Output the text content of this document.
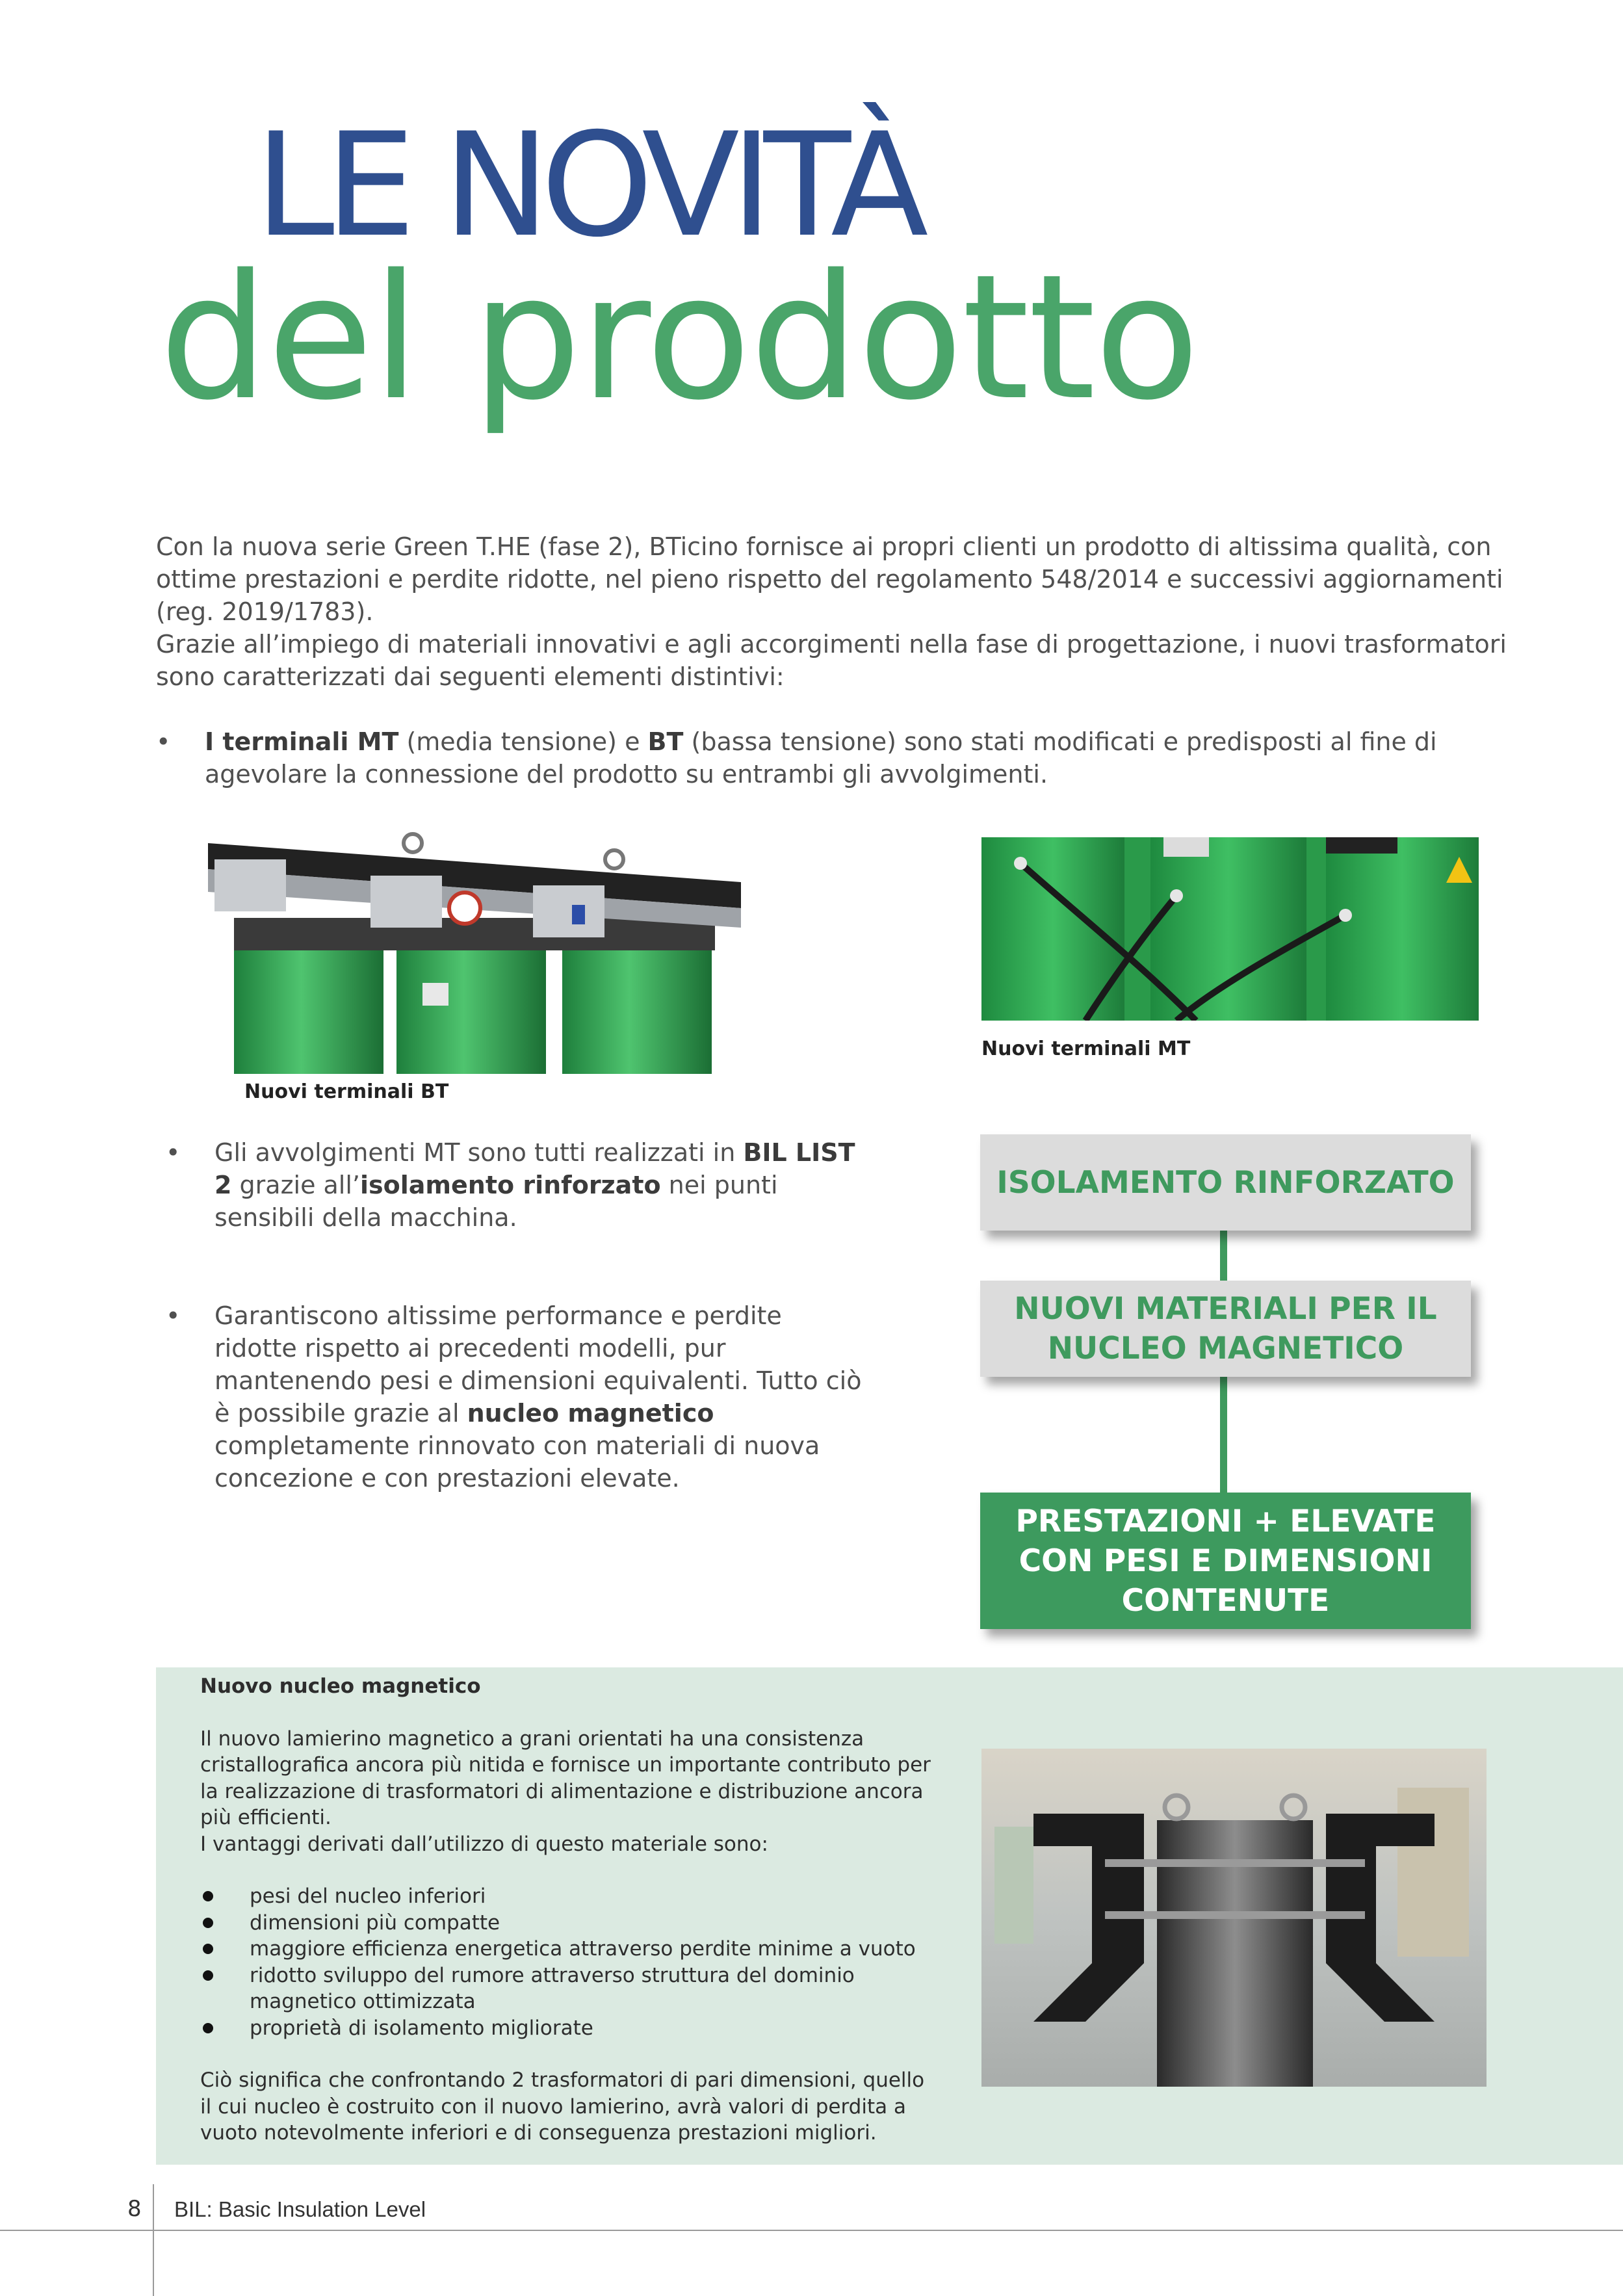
LE NOVITÀ
del prodotto

Con la nuova serie Green T.HE (fase 2), BTicino fornisce ai propri clienti un prodotto di altissima qualità, con ottime prestazioni e perdite ridotte, nel pieno rispetto del regolamento 548/2014 e successivi aggiornamenti (reg. 2019/1783).

Grazie all’impiego di materiali innovativi e agli accorgimenti nella fase di progettazione, i nuovi trasformatori sono caratterizzati dai seguenti elementi distintivi:

•	I terminali MT (media tensione) e BT (bassa tensione) sono stati modificati e predisposti al fine di agevolare la connessione del prodotto su entrambi gli avvolgimenti.
Nuovi terminali BT
Nuovi terminali MT
•	Gli avvolgimenti MT sono tutti realizzati in BIL LIST 2 grazie all’isolamento rinforzato nei punti sensibili della macchina.
•	Garantiscono altissime performance e perdite ridotte rispetto ai precedenti modelli, pur mantenendo pesi e dimensioni equivalenti. Tutto ciò è possibile grazie al nucleo magnetico completamente rinnovato con materiali di nuova concezione e con prestazioni elevate.
ISOLAMENTO RINFORZATO
NUOVI MATERIALI PER IL
NUCLEO MAGNETICO
PRESTAZIONI + ELEVATE
CON PESI E DIMENSIONI
CONTENUTE

Nuovo nucleo magnetico

Il nuovo lamierino magnetico a grani orientati ha una consistenza cristallografica ancora più nitida e fornisce un importante contributo per la realizzazione di trasformatori di alimentazione e distribuzione ancora più efficienti.

I vantaggi derivati dall’utilizzo di questo materiale sono:

pesi del nucleo inferiori
dimensioni più compatte
maggiore efficienza energetica attraverso perdite minime a vuoto
ridotto sviluppo del rumore attraverso struttura del dominio magnetico ottimizzata
proprietà di isolamento migliorate

Ciò significa che confrontando 2 trasformatori di pari dimensioni, quello il cui nucleo è costruito con il nuovo lamierino, avrà valori di perdita a vuoto notevolmente inferiori e di conseguenza prestazioni migliori.

8 BIL: Basic Insulation Level
